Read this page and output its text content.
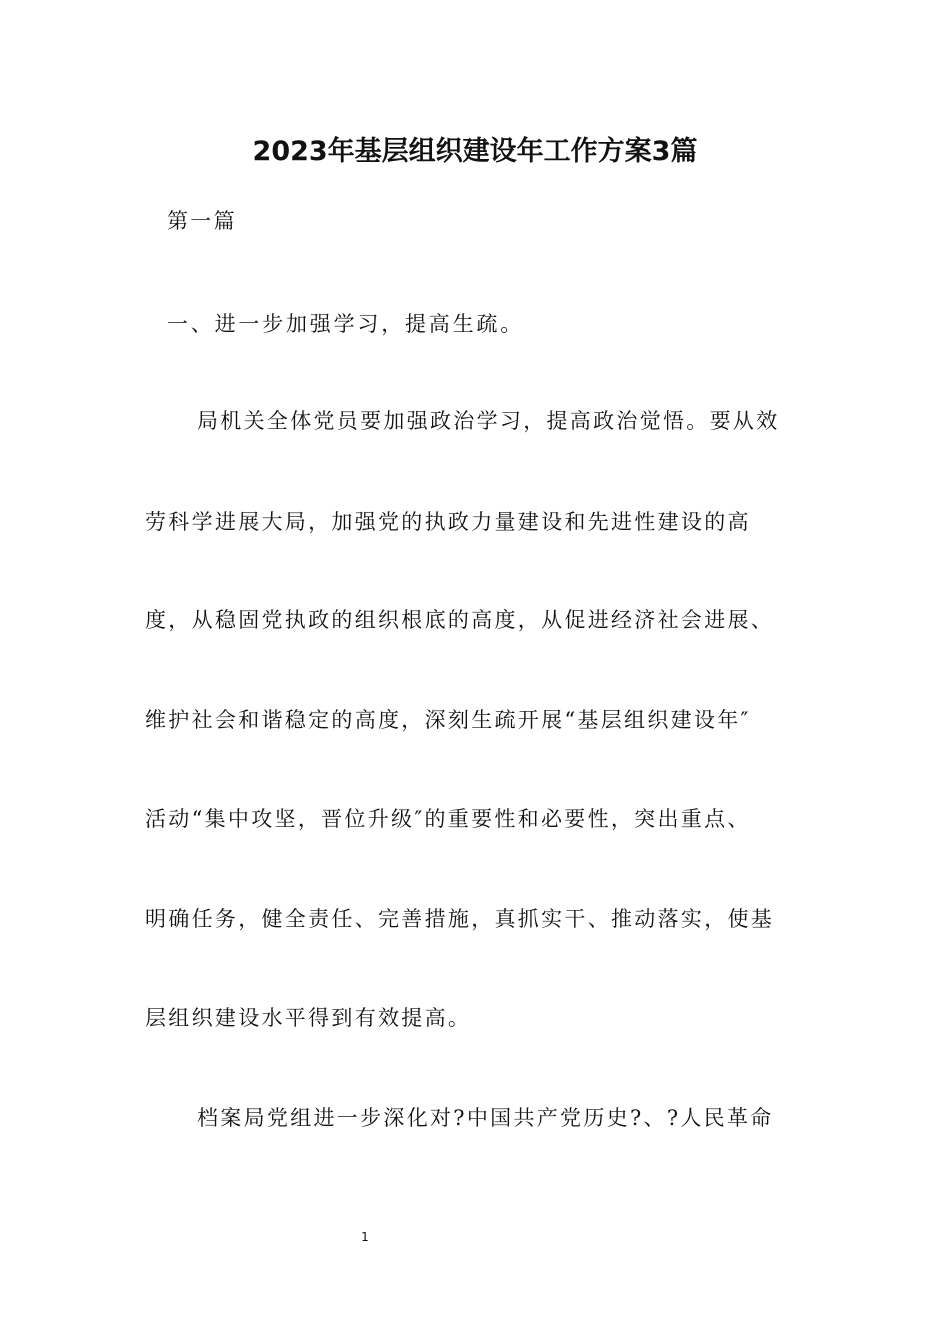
2023年基层组织建设年工作方案3篇
第一篇
一、进一步加强学习，提高生疏。
局机关全体党员要加强政治学习，提高政治觉悟。要从效
劳科学进展大局，加强党的执政力量建设和先进性建设的高
度，从稳固党执政的组织根底的高度，从促进经济社会进展、
维护社会和谐稳定的高度，深刻生疏开展“基层组织建设年″
活动“集中攻坚，晋位升级″的重要性和必要性，突出重点、
明确任务，健全责任、完善措施，真抓实干、推动落实，使基
层组织建设水平得到有效提高。
档案局党组进一步深化对?中国共产党历史?、?人民革命
1
